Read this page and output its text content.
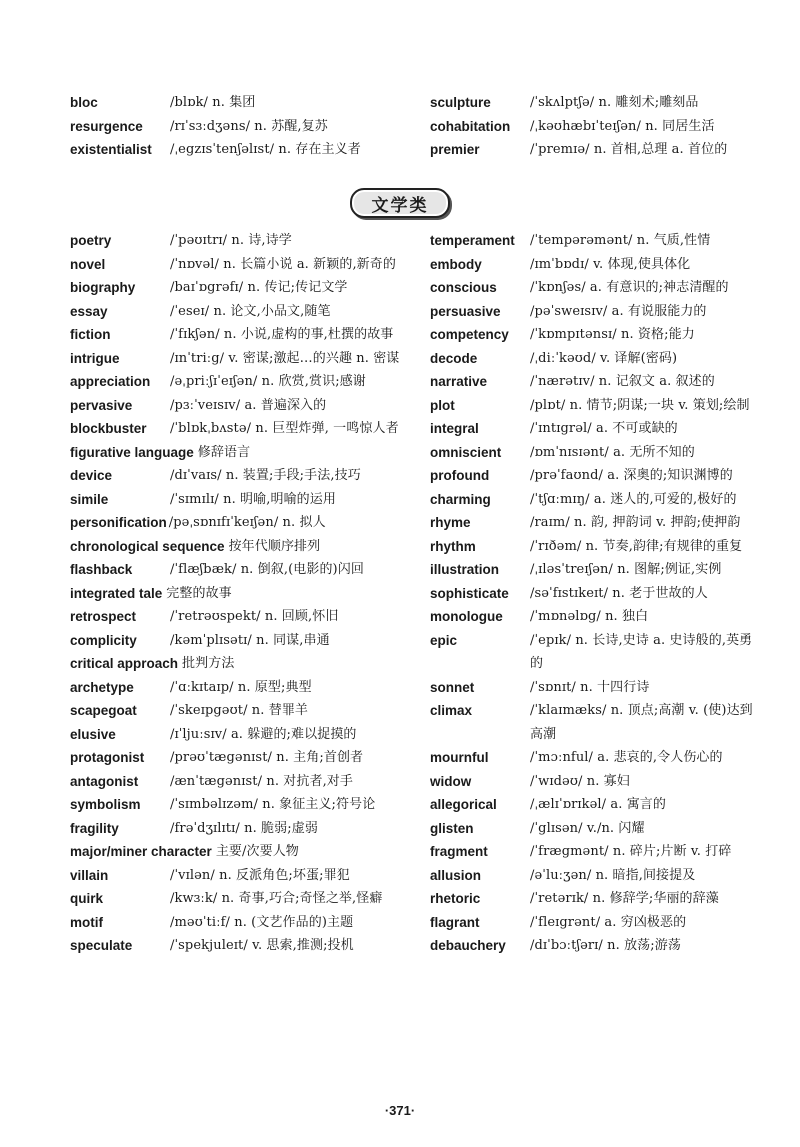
bloc	/blɒk/ n. 集团
resurgence	/rɪˈsɜːdʒəns/ n. 苏醒,复苏
existentialist	/ˌegzɪsˈtenʃəlɪst/ n. 存在主义者
sculpture	/ˈskʌlptʃə/ n. 雕刻术;雕刻品
cohabitation	/ˌkəʊhæbɪˈteɪʃən/ n. 同居生活
premier	/ˈpremɪə/ n. 首相,总理 a. 首位的
文学类
poetry	/ˈpəʊɪtrɪ/ n. 诗,诗学
novel	/ˈnɒvəl/ n. 长篇小说 a. 新颖的,新奇的
biography	/baɪˈɒgrəfɪ/ n. 传记;传记文学
essay	/ˈeseɪ/ n. 论文,小品文,随笔
fiction	/ˈfɪkʃən/ n. 小说,虚构的事,杜撰的故事
intrigue	/ɪnˈtriːg/ v. 密谋;激起…的兴趣 n. 密谋
appreciation	/əˌpriːʃɪˈeɪʃən/ n. 欣赏,赏识;感谢
pervasive	/pɜːˈveɪsɪv/ a. 普遍深入的
blockbuster	/ˈblɒkˌbʌstə/ n. 巨型炸弹, 一鸣惊人者
figurative language 修辞语言
device	/dɪˈvaɪs/ n. 装置;手段;手法,技巧
simile	/ˈsɪmɪlɪ/ n. 明喻,明喻的运用
personification /pəˌsɒnɪfɪˈkeɪʃən/ n. 拟人
chronological sequence 按年代顺序排列
flashback	/ˈflæʃbæk/ n. 倒叙,(电影的)闪回
integrated tale 完整的故事
retrospect	/ˈretrəʊspekt/ n. 回顾,怀旧
complicity	/kəmˈplɪsətɪ/ n. 同谋,串通
critical approach 批判方法
archetype	/ˈɑːkɪtaɪp/ n. 原型;典型
scapegoat	/ˈskeɪpgəʊt/ n. 替罪羊
elusive	/ɪˈljuːsɪv/ a. 躲避的;难以捉摸的
protagonist	/prəʊˈtægənɪst/ n. 主角;首创者
antagonist	/ænˈtægənɪst/ n. 对抗者,对手
symbolism	/ˈsɪmbəlɪzəm/ n. 象征主义;符号论
fragility	/frəˈdʒɪlɪtɪ/ n. 脆弱;虚弱
major/miner character 主要/次要人物
villain	/ˈvɪlən/ n. 反派角色;坏蛋;罪犯
quirk	/kwɜːk/ n. 奇事,巧合;奇怪之举,怪癖
motif	/məʊˈtiːf/ n. (文艺作品的)主题
speculate	/ˈspekjuleɪt/ v. 思索,推测;投机
temperament	/ˈtempərəmənt/ n. 气质,性情
embody	/ɪmˈbɒdɪ/ v. 体现,使具体化
conscious	/ˈkɒnʃəs/ a. 有意识的;神志清醒的
persuasive	/pəˈsweɪsɪv/ a. 有说服能力的
competency	/ˈkɒmpɪtənsɪ/ n. 资格;能力
decode	/ˌdiːˈkəʊd/ v. 译解(密码)
narrative	/ˈnærətɪv/ n. 记叙文 a. 叙述的
plot	/plɒt/ n. 情节;阴谋;一块 v. 策划;绘制
integral	/ˈɪntɪgrəl/ a. 不可或缺的
omniscient	/ɒmˈnɪsɪənt/ a. 无所不知的
profound	/prəˈfaʊnd/ a. 深奥的;知识渊博的
charming	/ˈtʃɑːmɪŋ/ a. 迷人的,可爱的,极好的
rhyme	/raɪm/ n. 韵, 押韵词 v. 押韵;使押韵
rhythm	/ˈrɪðəm/ n. 节奏,韵律;有规律的重复
illustration	/ˌɪləsˈtreɪʃən/ n. 图解;例证,实例
sophisticate	/səˈfɪstɪkeɪt/ n. 老于世故的人
monologue	/ˈmɒnəlɒg/ n. 独白
epic	/ˈepɪk/ n. 长诗,史诗 a. 史诗般的,英勇的
sonnet	/ˈsɒnɪt/ n. 十四行诗
climax	/ˈklaɪmæks/ n. 顶点;高潮 v. (使)达到高潮
mournful	/ˈmɔːnful/ a. 悲哀的,令人伤心的
widow	/ˈwɪdəʊ/ n. 寡妇
allegorical	/ˌælɪˈɒrɪkəl/ a. 寓言的
glisten	/ˈglɪsən/ v./n. 闪耀
fragment	/ˈfrægmənt/ n. 碎片;片断 v. 打碎
allusion	/əˈluːʒən/ n. 暗指,间接提及
rhetoric	/ˈretərɪk/ n. 修辞学;华丽的辞藻
flagrant	/ˈfleɪgrənt/ a. 穷凶极恶的
debauchery	/dɪˈbɔːtʃərɪ/ n. 放荡;游荡
·371·
